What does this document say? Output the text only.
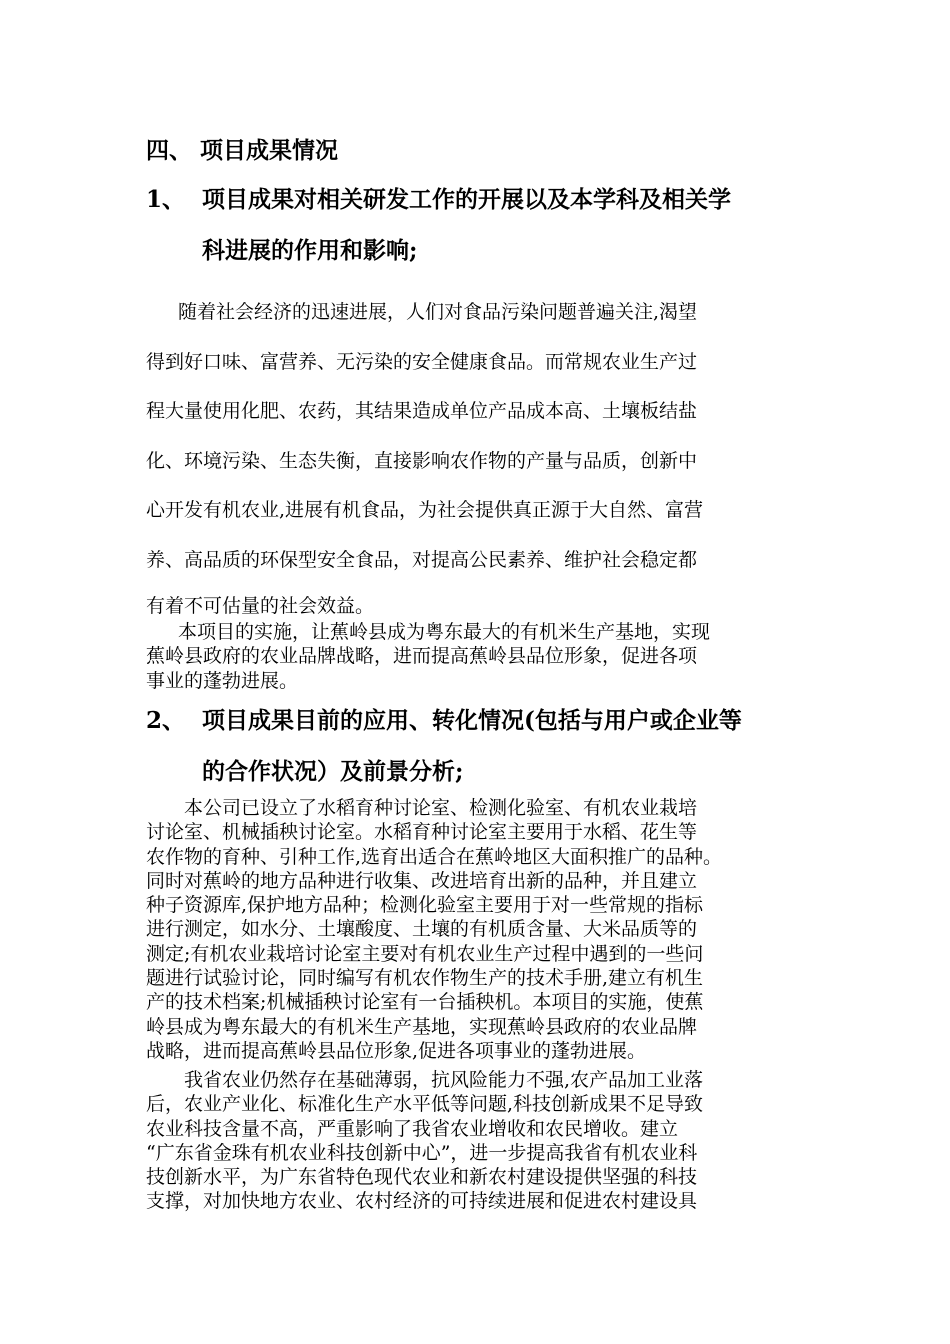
四、 项目成果情况
1、 项目成果对相关研发工作的开展以及本学科及相关学
科进展的作用和影响;
随着社会经济的迅速进展，人们对食品污染问题普遍关注,渴望
得到好口味、富营养、无污染的安全健康食品。而常规农业生产过
程大量使用化肥、农药，其结果造成单位产品成本高、土壤板结盐
化、环境污染、生态失衡，直接影响农作物的产量与品质，创新中
心开发有机农业,进展有机食品，为社会提供真正源于大自然、富营
养、高品质的环保型安全食品，对提高公民素养、维护社会稳定都
有着不可估量的社会效益。
本项目的实施，让蕉岭县成为粤东最大的有机米生产基地，实现
蕉岭县政府的农业品牌战略，进而提高蕉岭县品位形象，促进各项
事业的蓬勃进展。
2、 项目成果目前的应用、转化情况(包括与用户或企业等
的合作状况）及前景分析;
本公司已设立了水稻育种讨论室、检测化验室、有机农业栽培
讨论室、机械插秧讨论室。水稻育种讨论室主要用于水稻、花生等
农作物的育种、引种工作,选育出适合在蕉岭地区大面积推广的品种。
同时对蕉岭的地方品种进行收集、改进培育出新的品种，并且建立
种子资源库,保护地方品种；检测化验室主要用于对一些常规的指标
进行测定，如水分、土壤酸度、土壤的有机质含量、大米品质等的
测定;有机农业栽培讨论室主要对有机农业生产过程中遇到的一些问
题进行试验讨论，同时编写有机农作物生产的技术手册,建立有机生
产的技术档案;机械插秧讨论室有一台插秧机。本项目的实施，使蕉
岭县成为粤东最大的有机米生产基地，实现蕉岭县政府的农业品牌
战略，进而提高蕉岭县品位形象,促进各项事业的蓬勃进展。
我省农业仍然存在基础薄弱，抗风险能力不强,农产品加工业落
后，农业产业化、标准化生产水平低等问题,科技创新成果不足导致
农业科技含量不高，严重影响了我省农业增收和农民增收。建立
“广东省金珠有机农业科技创新中心”，进一步提高我省有机农业科
技创新水平，为广东省特色现代农业和新农村建设提供坚强的科技
支撑，对加快地方农业、农村经济的可持续进展和促进农村建设具
